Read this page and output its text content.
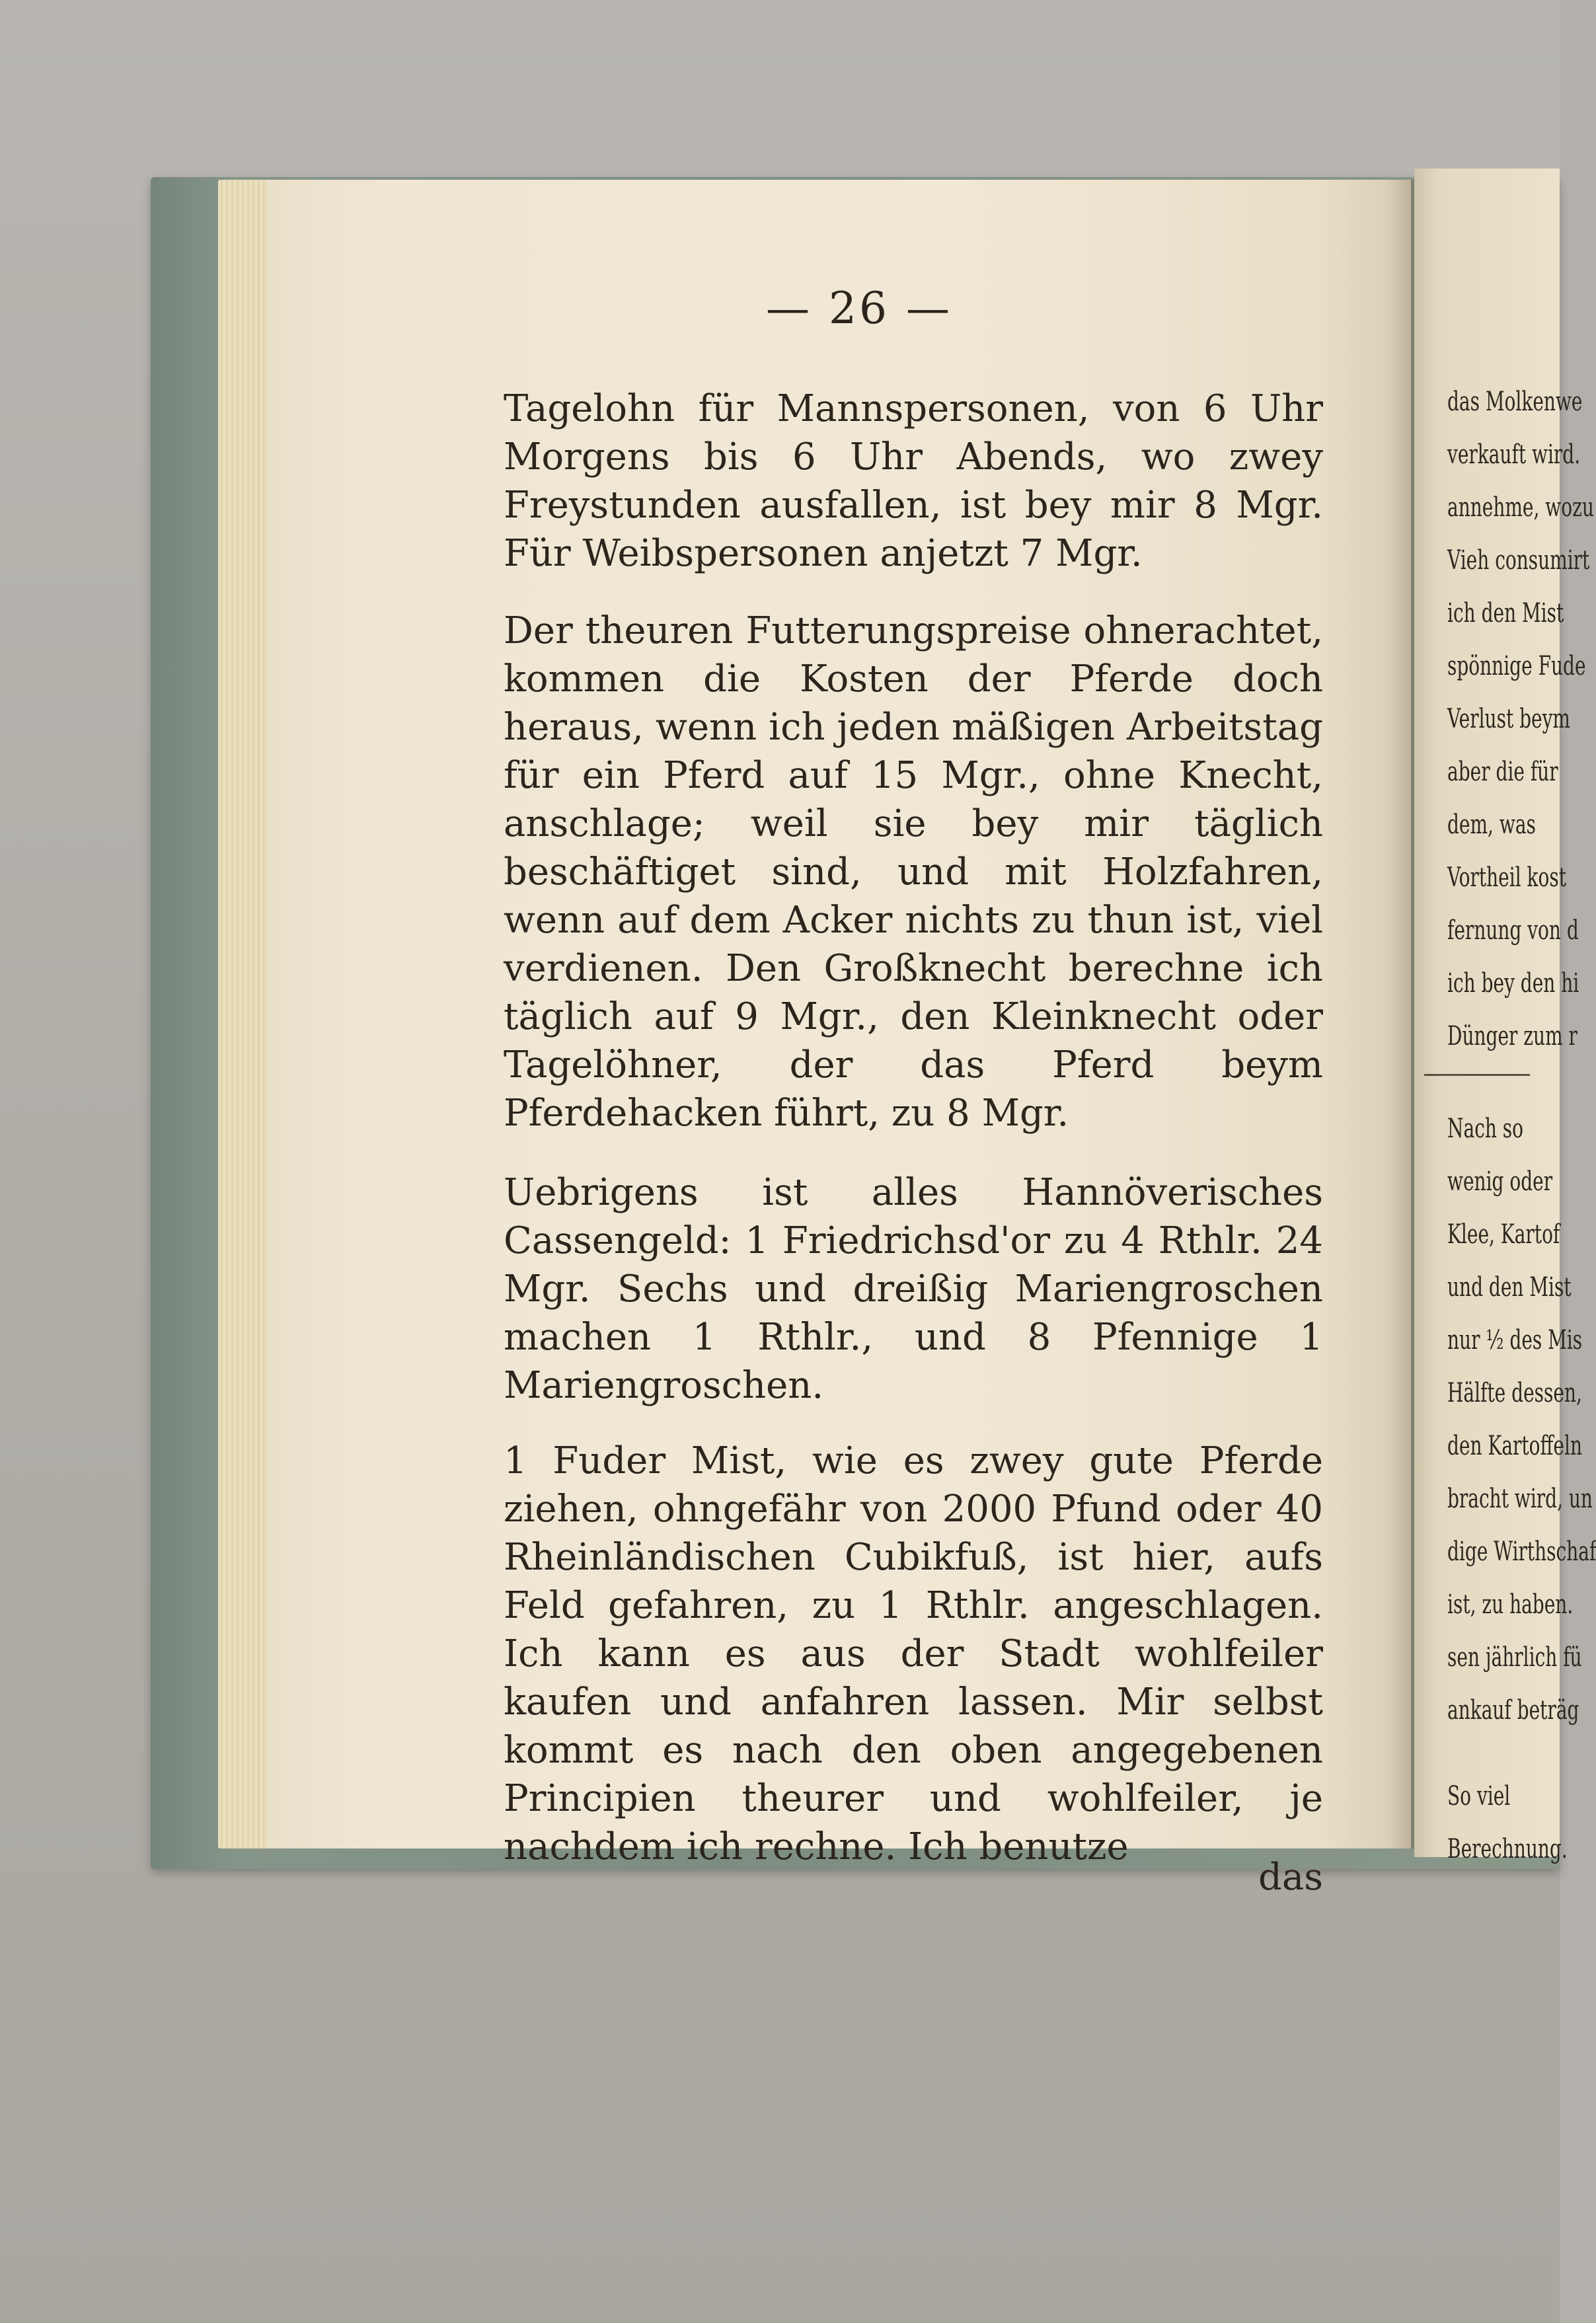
das Molkenwe
verkauft wird.
annehme, wozu
Vieh consumirt
ich den Mist
spönnige Fude
Verlust beym
aber die für
dem, was
Vortheil kost
fernung von d
ich bey den hi
Dünger zum r
Nach so
wenig oder
Klee, Kartof
und den Mist
nur ½ des Mis
Hälfte dessen,
den Kartoffeln
bracht wird, un
dige Wirthschaf
ist, zu haben.
sen jährlich fü
ankauf beträg
So viel
Berechnung.
— 26 —

Tagelohn für Mannspersonen, von 6 Uhr Morgens bis 6 Uhr Abends, wo zwey Freystunden ausfallen, ist bey mir 8 Mgr. Für Weibspersonen anjetzt 7 Mgr.

Der theuren Futterungspreise ohnerachtet, kommen die Kosten der Pferde doch heraus, wenn ich jeden mäßigen Arbeitstag für ein Pferd auf 15 Mgr., ohne Knecht, anschlage; weil sie bey mir täglich beschäftiget sind, und mit Holzfahren, wenn auf dem Acker nichts zu thun ist, viel verdienen. Den Großknecht berechne ich täglich auf 9 Mgr., den Kleinknecht oder Tagelöhner, der das Pferd beym Pferdehacken führt, zu 8 Mgr.

Uebrigens ist alles Hannöverisches Cassengeld: 1 Friedrichsd'or zu 4 Rthlr. 24 Mgr. Sechs und dreißig Mariengroschen machen 1 Rthlr., und 8 Pfennige 1 Mariengroschen.

1 Fuder Mist, wie es zwey gute Pferde ziehen, ohngefähr von 2000 Pfund oder 40 Rheinländischen Cubikfuß, ist hier, aufs Feld gefahren, zu 1 Rthlr. angeschlagen. Ich kann es aus der Stadt wohlfeiler kaufen und anfahren lassen. Mir selbst kommt es nach den oben angegebenen Principien theurer und wohlfeiler, je nachdem ich rechne. Ich benutze

das
